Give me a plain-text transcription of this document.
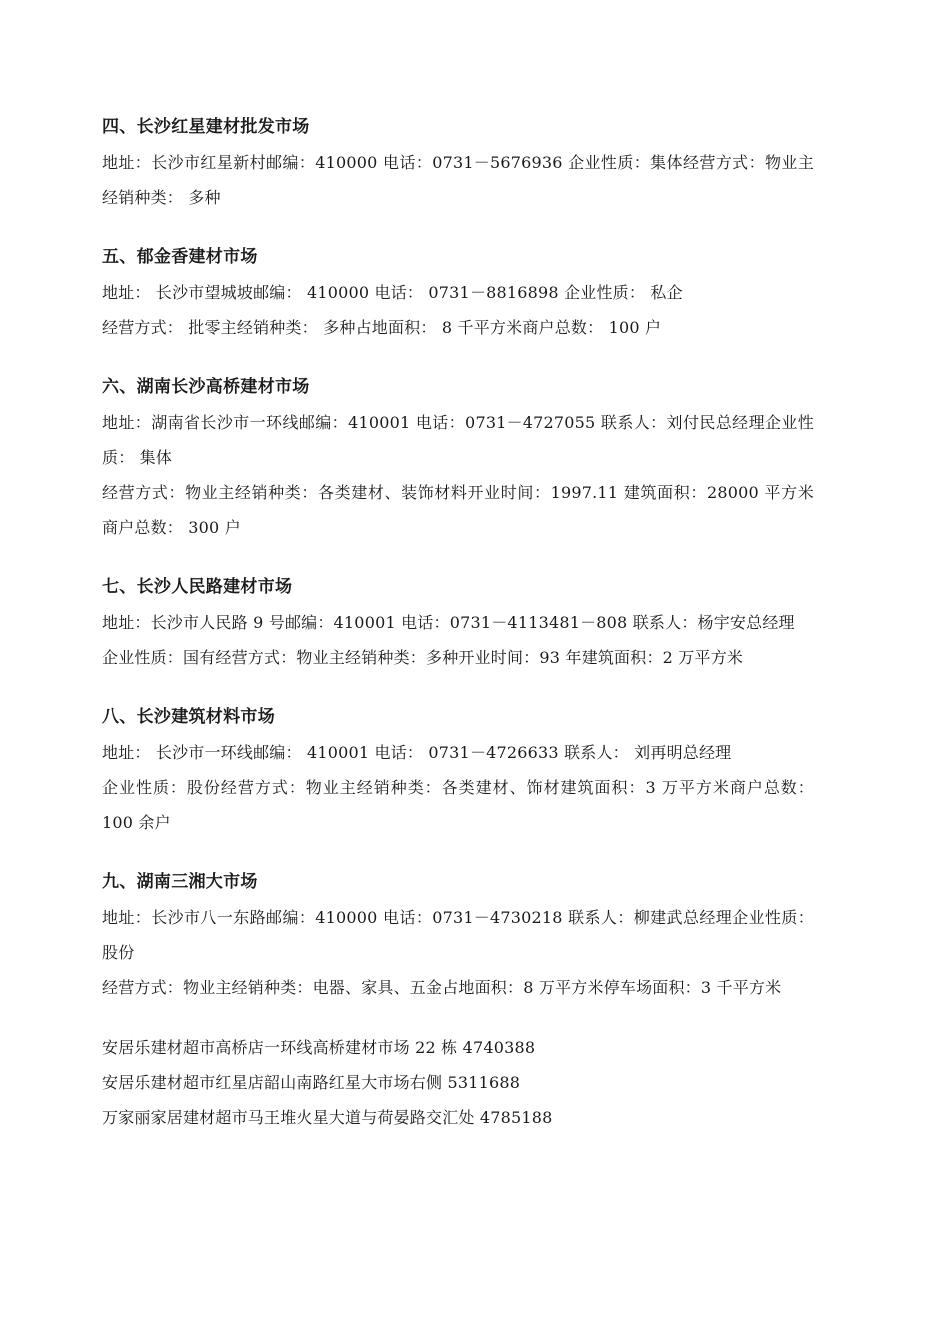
四、长沙红星建材批发市场
地址：长沙市红星新村邮编：410000 电话：0731－5676936 企业性质：集体经营方式：物业主经销种类： 多种
五、郁金香建材市场
地址： 长沙市望城坡邮编： 410000 电话： 0731－8816898 企业性质： 私企
经营方式： 批零主经销种类： 多种占地面积： 8 千平方米商户总数： 100 户
六、湖南长沙高桥建材市场
地址：湖南省长沙市一环线邮编：410001 电话：0731－4727055 联系人：刘付民总经理企业性质： 集体
经营方式：物业主经销种类：各类建材、装饰材料开业时间：1997.11 建筑面积：28000 平方米商户总数： 300 户
七、长沙人民路建材市场
地址：长沙市人民路 9 号邮编：410001 电话：0731－4113481－808 联系人：杨宇安总经理
企业性质：国有经营方式：物业主经销种类：多种开业时间：93 年建筑面积：2 万平方米
八、长沙建筑材料市场
地址： 长沙市一环线邮编： 410001 电话： 0731－4726633 联系人： 刘再明总经理
企业性质：股份经营方式：物业主经销种类：各类建材、饰材建筑面积：3 万平方米商户总数： 100 余户
九、湖南三湘大市场
地址：长沙市八一东路邮编：410000 电话：0731－4730218 联系人：柳建武总经理企业性质： 股份
经营方式：物业主经销种类：电器、家具、五金占地面积：8 万平方米停车场面积：3 千平方米
安居乐建材超市高桥店一环线高桥建材市场 22 栋 4740388
安居乐建材超市红星店韶山南路红星大市场右侧 5311688
万家丽家居建材超市马王堆火星大道与荷晏路交汇处 4785188
